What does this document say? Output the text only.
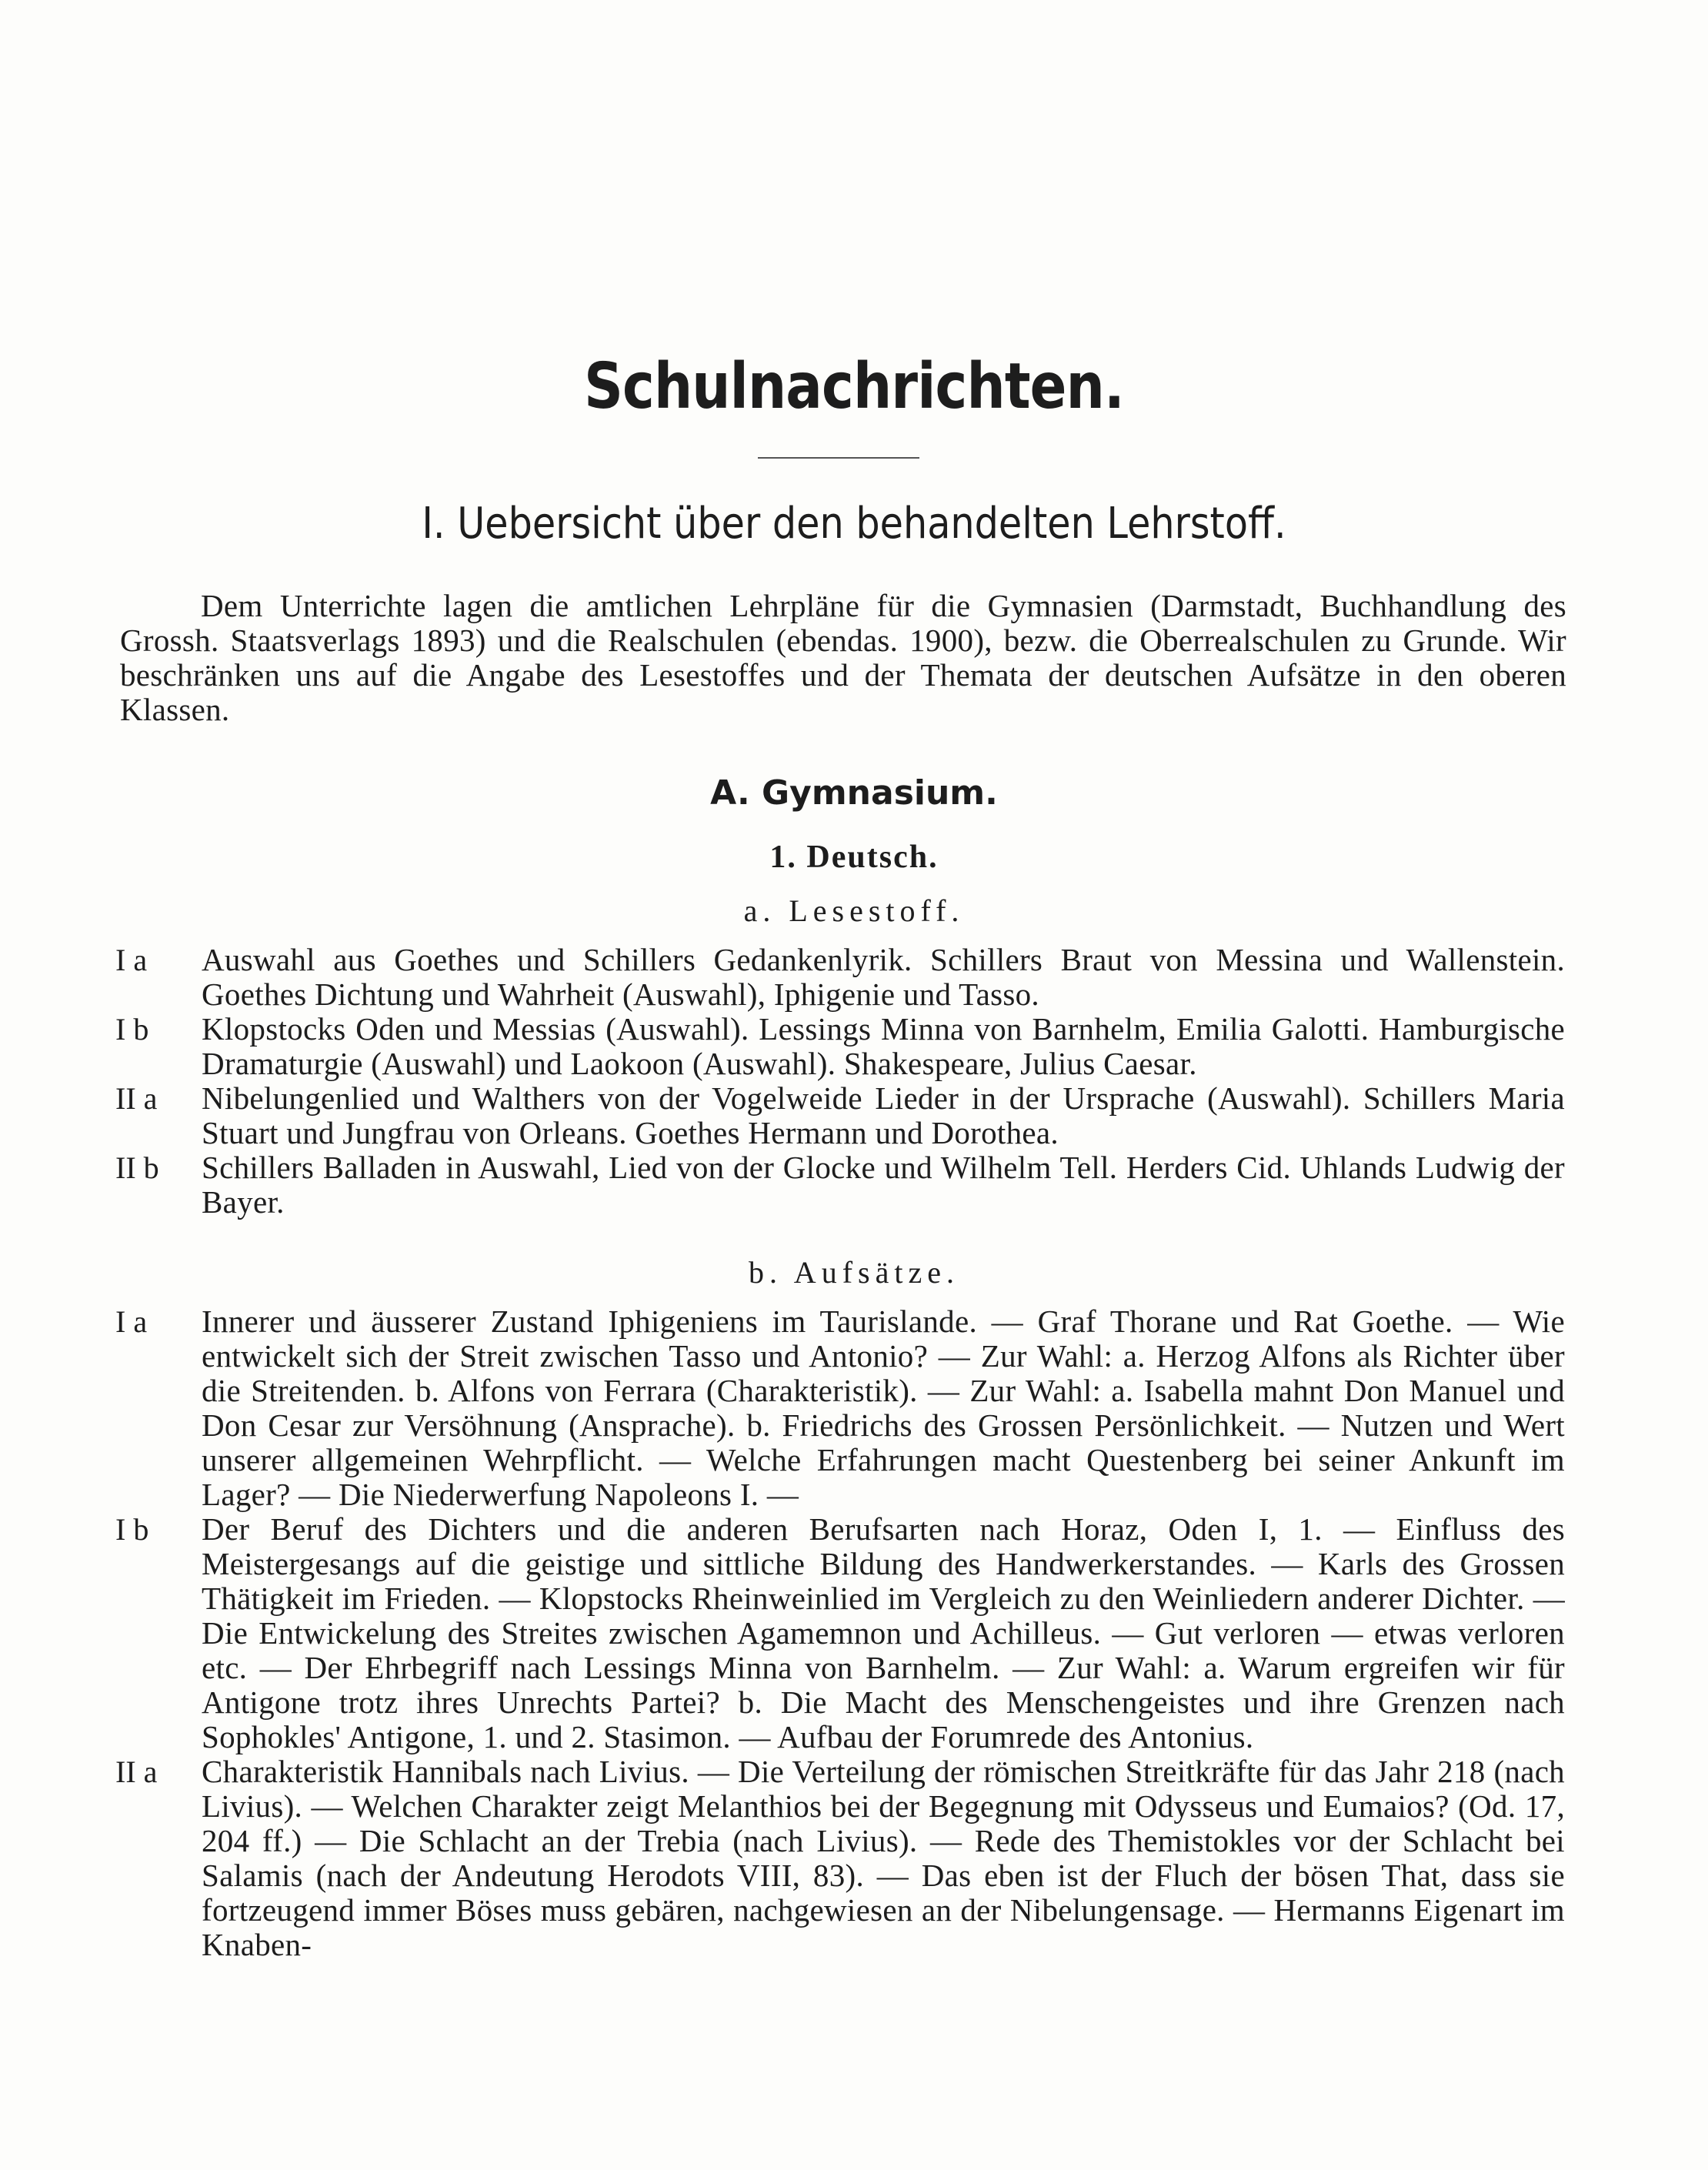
Schulnachrichten.
I. Uebersicht über den behandelten Lehrstoff.
Dem Unterrichte lagen die amtlichen Lehrpläne für die Gymnasien (Darmstadt, Buchhandlung des Grossh. Staatsverlags 1893) und die Realschulen (ebendas. 1900), bezw. die Oberrealschulen zu Grunde. Wir beschränken uns auf die Angabe des Lesestoffes und der Themata der deutschen Aufsätze in den oberen Klassen.
A. Gymnasium.
1. Deutsch.
a. Lesestoff.
I a	Auswahl aus Goethes und Schillers Gedankenlyrik. Schillers Braut von Messina und Wallenstein. Goethes Dichtung und Wahrheit (Auswahl), Iphigenie und Tasso.
I b	Klopstocks Oden und Messias (Auswahl). Lessings Minna von Barnhelm, Emilia Galotti. Hamburgische Dramaturgie (Auswahl) und Laokoon (Auswahl). Shakespeare, Julius Caesar.
II a	Nibelungenlied und Walthers von der Vogelweide Lieder in der Ursprache (Auswahl). Schillers Maria Stuart und Jungfrau von Orleans. Goethes Hermann und Dorothea.
II b	Schillers Balladen in Auswahl, Lied von der Glocke und Wilhelm Tell. Herders Cid. Uhlands Ludwig der Bayer.
b. Aufsätze.
I a	Innerer und äusserer Zustand Iphigeniens im Taurislande. — Graf Thorane und Rat Goethe. — Wie entwickelt sich der Streit zwischen Tasso und Antonio? — Zur Wahl: a. Herzog Alfons als Richter über die Streitenden. b. Alfons von Ferrara (Charakteristik). — Zur Wahl: a. Isabella mahnt Don Manuel und Don Cesar zur Versöhnung (Ansprache). b. Friedrichs des Grossen Persönlichkeit. — Nutzen und Wert unserer allgemeinen Wehrpflicht. — Welche Erfahrungen macht Questenberg bei seiner Ankunft im Lager? — Die Niederwerfung Napoleons I. —
I b	Der Beruf des Dichters und die anderen Berufsarten nach Horaz, Oden I, 1. — Einfluss des Meistergesangs auf die geistige und sittliche Bildung des Handwerkerstandes. — Karls des Grossen Thätigkeit im Frieden. — Klopstocks Rheinweinlied im Vergleich zu den Weinliedern anderer Dichter. — Die Entwickelung des Streites zwischen Agamemnon und Achilleus. — Gut verloren — etwas verloren etc. — Der Ehrbegriff nach Lessings Minna von Barnhelm. — Zur Wahl: a. Warum ergreifen wir für Antigone trotz ihres Unrechts Partei? b. Die Macht des Menschengeistes und ihre Grenzen nach Sophokles' Antigone, 1. und 2. Stasimon. — Aufbau der Forumrede des Antonius.
II a	Charakteristik Hannibals nach Livius. — Die Verteilung der römischen Streitkräfte für das Jahr 218 (nach Livius). — Welchen Charakter zeigt Melanthios bei der Begegnung mit Odysseus und Eumaios? (Od. 17, 204 ff.) — Die Schlacht an der Trebia (nach Livius). — Rede des Themistokles vor der Schlacht bei Salamis (nach der Andeutung Herodots VIII, 83). — Das eben ist der Fluch der bösen That, dass sie fortzeugend immer Böses muss gebären, nachgewiesen an der Nibelungensage. — Hermanns Eigenart im Knaben-
